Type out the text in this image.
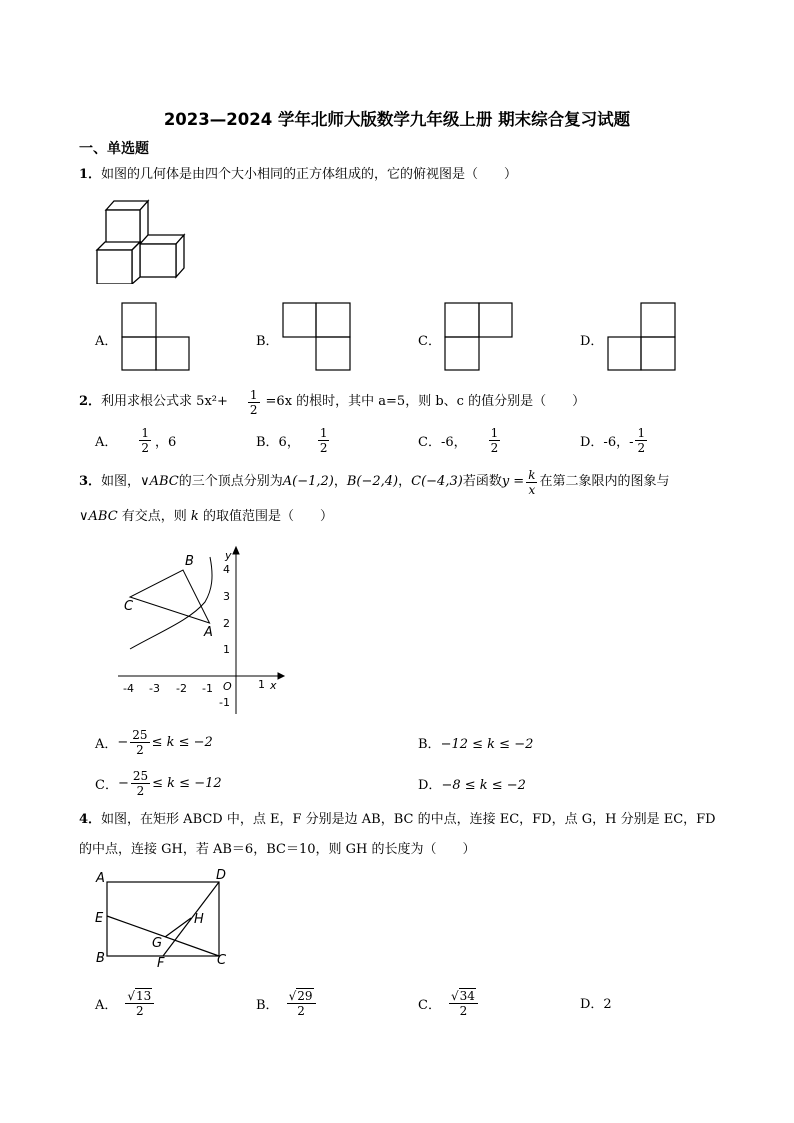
2023—2024 学年北师大版数学九年级上册 期末综合复习试题
一、单选题
1．如图的几何体是由四个大小相同的正方体组成的，它的俯视图是（　　）
A．	B．	C．	D．
2． 利用求根公式求 $5x^2+ \frac{1}{2} =6x$ 的根时，其中 a=5，则 b、c 的值分别是（　　）
A． $\frac{1}{2}$ ，6	B．6， $\frac{1}{2}$	C．-6， $\frac{1}{2}$	D．-6，- $\frac{1}{2}$
3． 如图， ∨ABC 的三个顶点分别为 A(−1,2) ， B(−2,4) ， C(−4,3) 若函数 $y = \frac{k}{x}$ 在第二象限内的图象与
∨ABC 有交点，则 k 的取值范围是（　　）
-4 -3 -2 -1	1 x
4
3
2
1
-1
y
O
A
B
C
A． − $\frac{25}{2} \le k \le -2$	B．−12 ≤ k ≤ −2
C． − $\frac{25}{2} \le k \le -12$	D．−8 ≤ k ≤ −2
4．如图，在矩形 ABCD 中，点 E，F 分别是边 AB，BC 的中点，连接 EC，FD，点 G，H 分别是 EC，FD
的中点，连接 GH，若 AB＝6，BC＝10，则 GH 的长度为（　　）
A	D
E	H
G
B	F	C
A． $\frac{√13}{2}$	B． $\frac{√29}{2}$	C． $\frac{√34}{2}$	D．2
